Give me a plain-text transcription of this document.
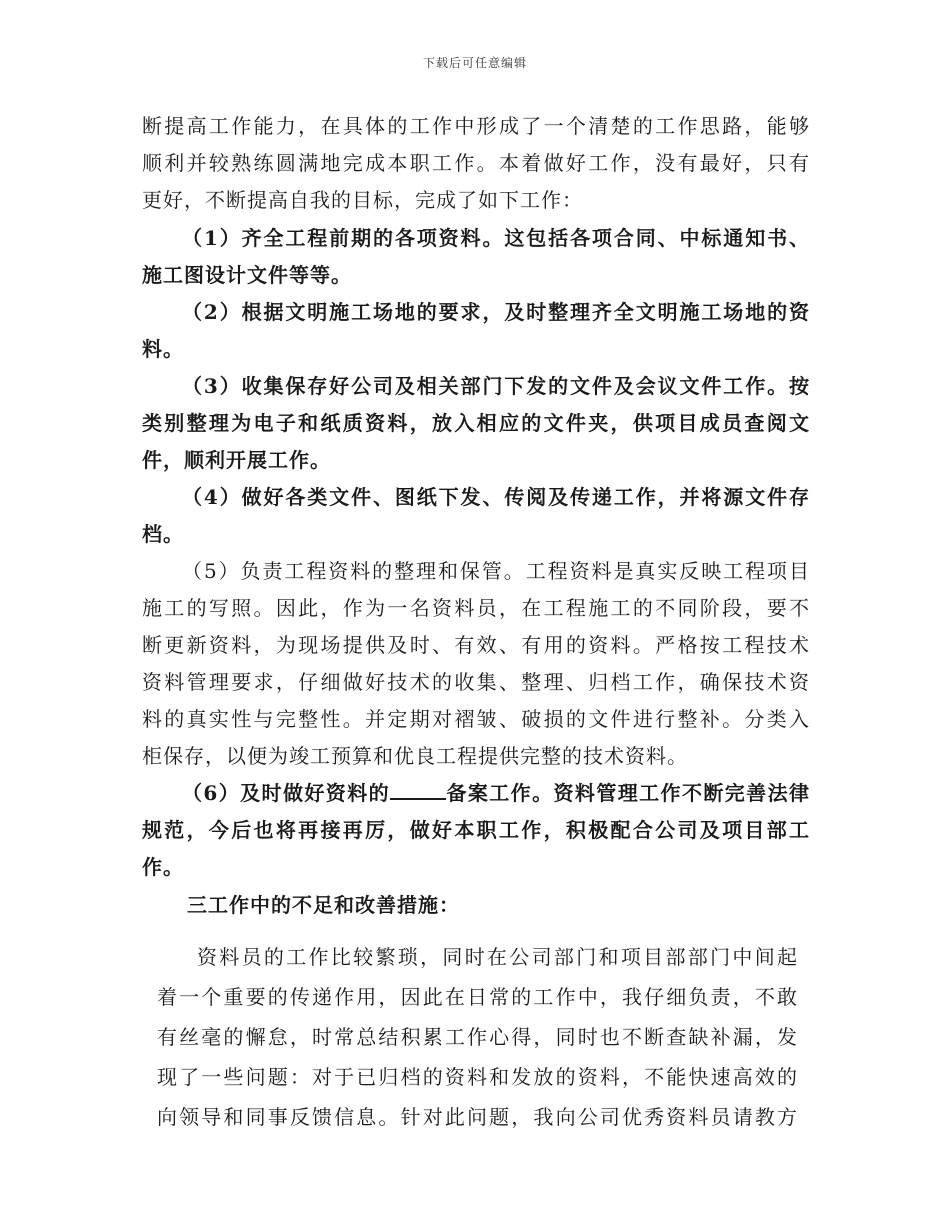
下载后可任意编辑
断提高工作能力，在具体的工作中形成了一个清楚的工作思路，能够
顺利并较熟练圆满地完成本职工作。本着做好工作，没有最好，只有
更好，不断提高自我的目标，完成了如下工作：
（1）齐全工程前期的各项资料。这包括各项合同、中标通知书、
施工图设计文件等等。
（2）根据文明施工场地的要求，及时整理齐全文明施工场地的资
料。
（3）收集保存好公司及相关部门下发的文件及会议文件工作。按
类别整理为电子和纸质资料，放入相应的文件夹，供项目成员查阅文
件，顺利开展工作。
（4）做好各类文件、图纸下发、传阅及传递工作，并将源文件存
档。
（5）负责工程资料的整理和保管。工程资料是真实反映工程项目
施工的写照。因此，作为一名资料员，在工程施工的不同阶段，要不
断更新资料，为现场提供及时、有效、有用的资料。严格按工程技术
资料管理要求，仔细做好技术的收集、整理、归档工作，确保技术资
料的真实性与完整性。并定期对褶皱、破损的文件进行整补。分类入
柜保存，以便为竣工预算和优良工程提供完整的技术资料。
（6）及时做好资料的	备案工作。资料管理工作不断完善法律
规范，今后也将再接再厉，做好本职工作，积极配合公司及项目部工
作。
三工作中的不足和改善措施：
资料员的工作比较繁琐，同时在公司部门和项目部部门中间起
着一个重要的传递作用，因此在日常的工作中，我仔细负责，不敢
有丝毫的懈怠，时常总结积累工作心得，同时也不断查缺补漏，发
现了一些问题：对于已归档的资料和发放的资料，不能快速高效的
向领导和同事反馈信息。针对此问题，我向公司优秀资料员请教方
